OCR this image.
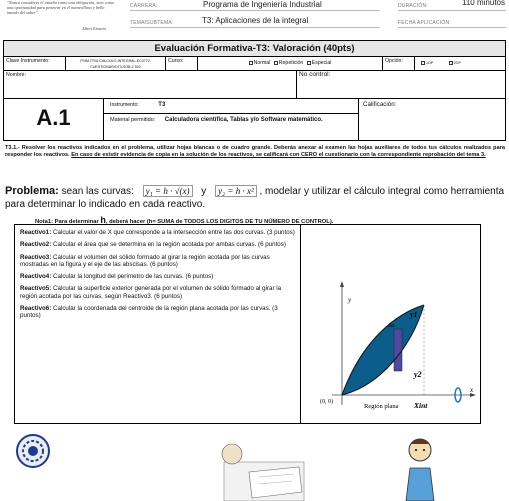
"Nunca consideres el estudio como una obligación, sino como una oportunidad para penetrar en el maravilloso y bello mundo del saber"
Albert Einstein
CARRERA:	Programa de Ingeniería Industrial	DURACIÓN:	110 minutos
TEMA/SUBTEMA:	T3: Aplicaciones de la integral	FECHA APLICACIÓN:
Evaluación Formativa-T3: Valoración (40pts)
Clave Instrumento:	ITNM-ITSU-CALCULO-INTEGRAL-EC0772-CUESTIONARIOT3-SOB-2 502
Curso:	Normal Repetición Especial	Opción:	1OP	2OP
Nombre:	No control:
A.1	Instrumento:	T3
Material permitido: Calculadora científica, Tablas y/o Software matemático.
Calificación:
T3.1.- Resolver los reactivos indicados en el problema, utilizar hojas blancas o de cuadro grande. Deberás anexar al examen las hojas auxiliares de todos tus cálculos realizados para responder los reactivos. En caso de existir evidencia de copia en la solución de los reactivos, se calificará con CERO el cuestionario con la correspondiente reprobación del tema 3.
Problema: sean las curvas: y₁ = h · √(x) y y₂ = h · x² , modelar y utilizar el cálculo integral como herramienta para determinar lo indicado en cada reactivo.
Nota1: Para determinar h, deberá hacer (h= SUMA de TODOS LOS DIGITOS DE TU NÚMERO DE CONTROL).
Reactivo1: Calcular el valor de X que corresponde a la intersección entre las dos curvas. (3 puntos)
Reactivo2: Calcular el área que se determina en la región acotada por ambas curvas. (6 puntos)
Reactivo3: Calcular el volumen del sólido formado al girar la región acotada por las curvas mostradas en la figura y el eje de las abscisas. (6 puntos)
Reactivo4: Calcular la longitud del perímetro de las curvas. (6 puntos)
Reactivo5: Calcular la superficie exterior generada por el volumen de sólido formado al girar la región acotada por las curvas, según Reactivo3. (6 puntos)
Reactivo6: Calcular la coordenada del centroide de la región plana acotada por las curvas. (3 puntos)
y
x
y1
y2
Δx
(0, 0)
Región plana Xint
